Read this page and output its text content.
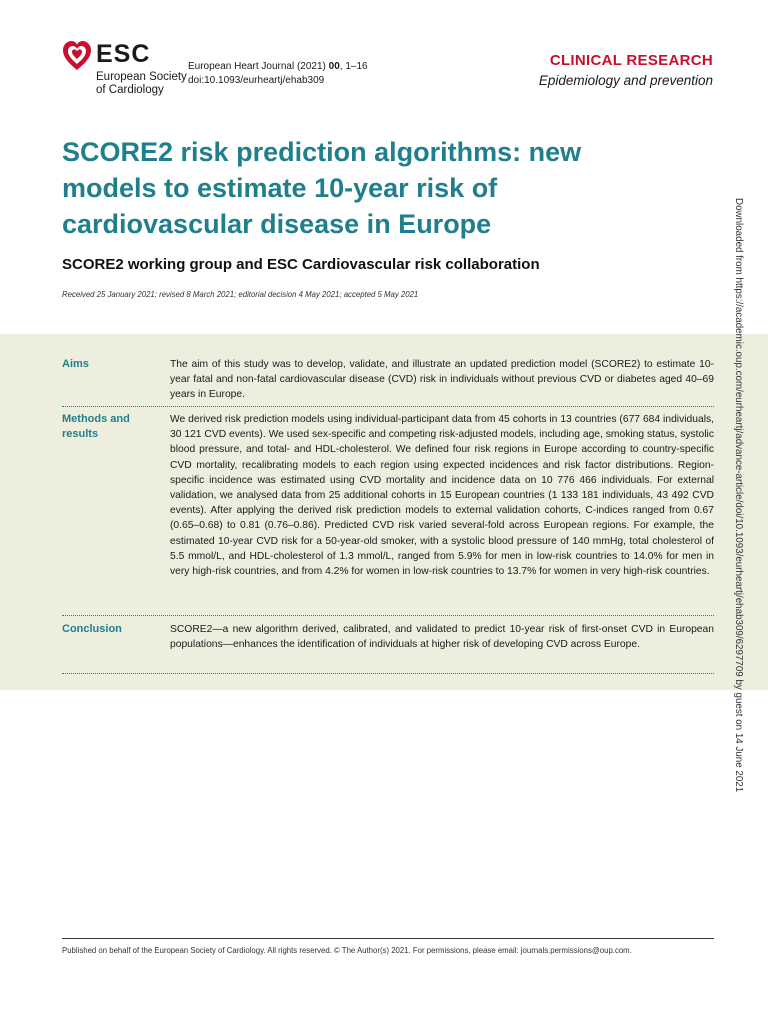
ESC
European Society
of Cardiology
European Heart Journal (2021) 00, 1–16
doi:10.1093/eurheartj/ehab309
CLINICAL RESEARCH
Epidemiology and prevention
SCORE2 risk prediction algorithms: new models to estimate 10-year risk of cardiovascular disease in Europe
SCORE2 working group and ESC Cardiovascular risk collaboration
Received 25 January 2021; revised 8 March 2021; editorial decision 4 May 2021; accepted 5 May 2021
Aims	The aim of this study was to develop, validate, and illustrate an updated prediction model (SCORE2) to estimate 10-year fatal and non-fatal cardiovascular disease (CVD) risk in individuals without previous CVD or diabetes aged 40–69 years in Europe.
Methods and results
We derived risk prediction models using individual-participant data from 45 cohorts in 13 countries (677 684 individuals, 30 121 CVD events). We used sex-specific and competing risk-adjusted models, including age, smoking status, systolic blood pressure, and total- and HDL-cholesterol. We defined four risk regions in Europe according to country-specific CVD mortality, recalibrating models to each region using expected incidences and risk factor distributions. Region-specific incidence was estimated using CVD mortality and incidence data on 10 776 466 individuals. For external validation, we analysed data from 25 additional cohorts in 15 European countries (1 133 181 individuals, 43 492 CVD events). After applying the derived risk prediction models to external validation cohorts, C-indices ranged from 0.67 (0.65–0.68) to 0.81 (0.76–0.86). Predicted CVD risk varied several-fold across European regions. For example, the estimated 10-year CVD risk for a 50-year-old smoker, with a systolic blood pressure of 140 mmHg, total cholesterol of 5.5 mmol/L, and HDL-cholesterol of 1.3 mmol/L, ranged from 5.9% for men in low-risk countries to 14.0% for men in very high-risk countries, and from 4.2% for women in low-risk countries to 13.7% for women in very high-risk countries.
Conclusion	SCORE2—a new algorithm derived, calibrated, and validated to predict 10-year risk of first-onset CVD in European populations—enhances the identification of individuals at higher risk of developing CVD across Europe.
Published on behalf of the European Society of Cardiology. All rights reserved. © The Author(s) 2021. For permissions, please email: journals.permissions@oup.com.
Downloaded from https://academic.oup.com/eurheartj/advance-article/doi/10.1093/eurheartj/ehab309/6297709 by guest on 14 June 2021
